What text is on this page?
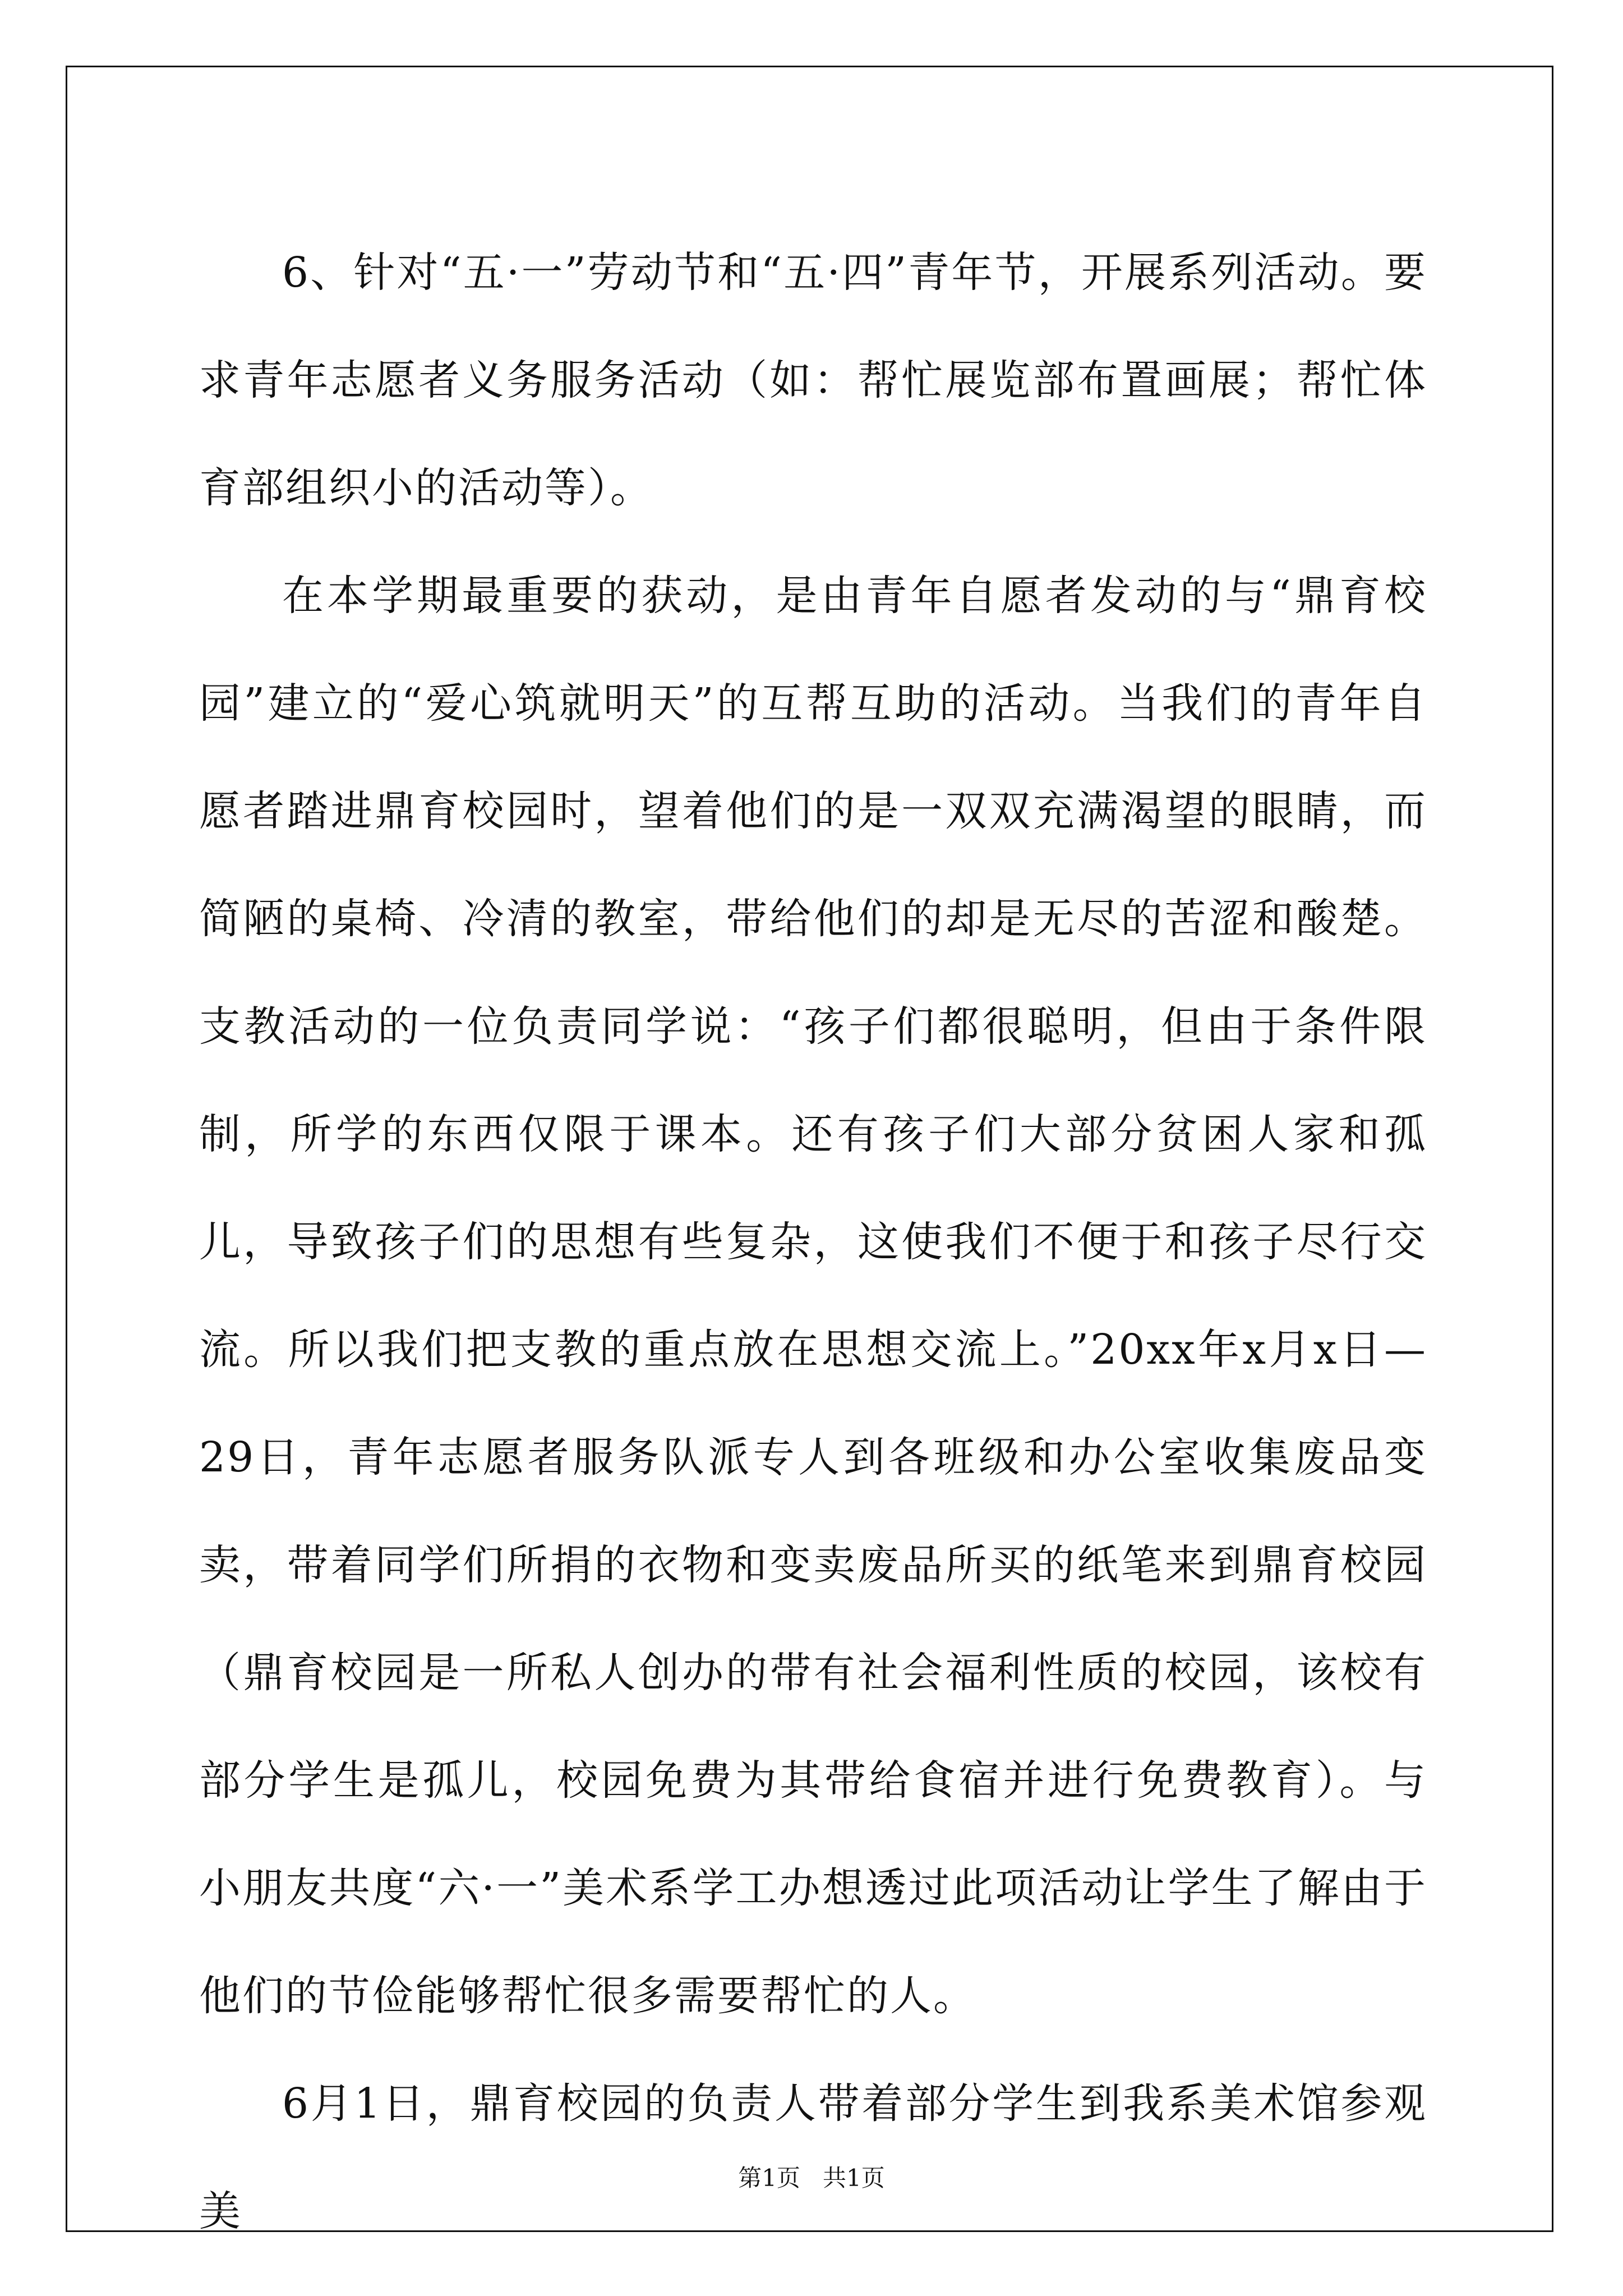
6、针对“五·一”劳动节和“五·四”青年节，开展系列活动。要求青年志愿者义务服务活动（如：帮忙展览部布置画展；帮忙体育部组织小的活动等）。

在本学期最重要的获动，是由青年自愿者发动的与“鼎育校园”建立的“爱心筑就明天”的互帮互助的活动。当我们的青年自愿者踏进鼎育校园时，望着他们的是一双双充满渴望的眼睛，而简陋的桌椅、冷清的教室，带给他们的却是无尽的苦涩和酸楚。支教活动的一位负责同学说：“孩子们都很聪明，但由于条件限制，所学的东西仅限于课本。还有孩子们大部分贫困人家和孤儿，导致孩子们的思想有些复杂，这使我们不便于和孩子尽行交流。所以我们把支教的重点放在思想交流上。”20xx年x月x日—29日，青年志愿者服务队派专人到各班级和办公室收集废品变卖，带着同学们所捐的衣物和变卖废品所买的纸笔来到鼎育校园（鼎育校园是一所私人创办的带有社会福利性质的校园，该校有部分学生是孤儿，校园免费为其带给食宿并进行免费教育）。与小朋友共度“六·一”美术系学工办想透过此项活动让学生了解由于他们的节俭能够帮忙很多需要帮忙的人。

6月1日，鼎育校园的负责人带着部分学生到我系美术馆参观美

第1页   共1页
